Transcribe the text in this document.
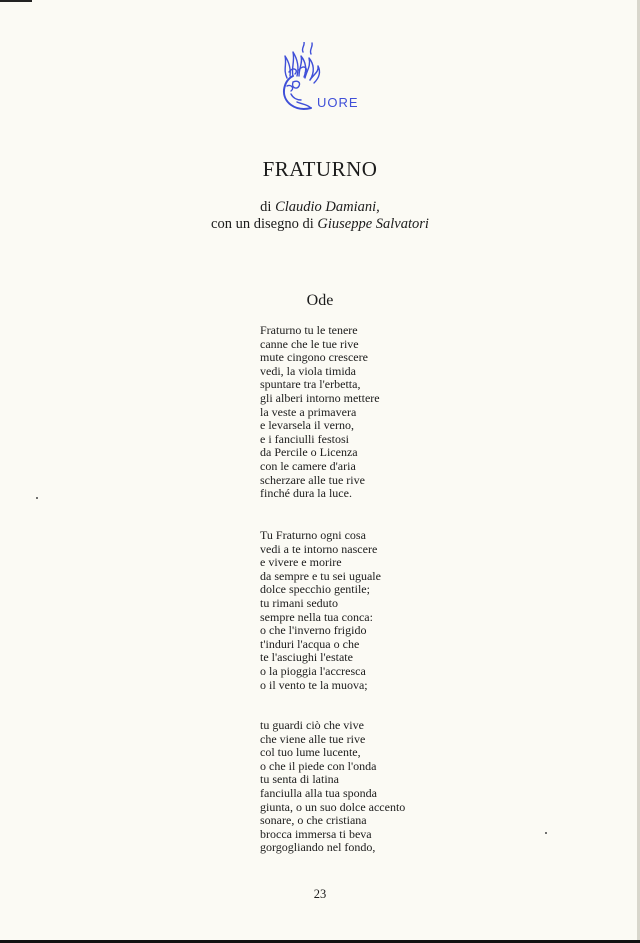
UORE
FRATURNO
di Claudio Damiani,
con un disegno di Giuseppe Salvatori
Ode
Fraturno tu le tenere
canne che le tue rive
mute cingono crescere
vedi, la viola timida
spuntare tra l'erbetta,
gli alberi intorno mettere
la veste a primavera
e levarsela il verno,
e i fanciulli festosi
da Percile o Licenza
con le camere d'aria
scherzare alle tue rive
finché dura la luce.
Tu Fraturno ogni cosa
vedi a te intorno nascere
e vivere e morire
da sempre e tu sei uguale
dolce specchio gentile;
tu rimani seduto
sempre nella tua conca:
o che l'inverno frigido
t'induri l'acqua o che
te l'asciughi l'estate
o la pioggia l'accresca
o il vento te la muova;
tu guardi ciò che vive
che viene alle tue rive
col tuo lume lucente,
o che il piede con l'onda
tu senta di latina
fanciulla alla tua sponda
giunta, o un suo dolce accento
sonare, o che cristiana
brocca immersa ti beva
gorgogliando nel fondo,
23
